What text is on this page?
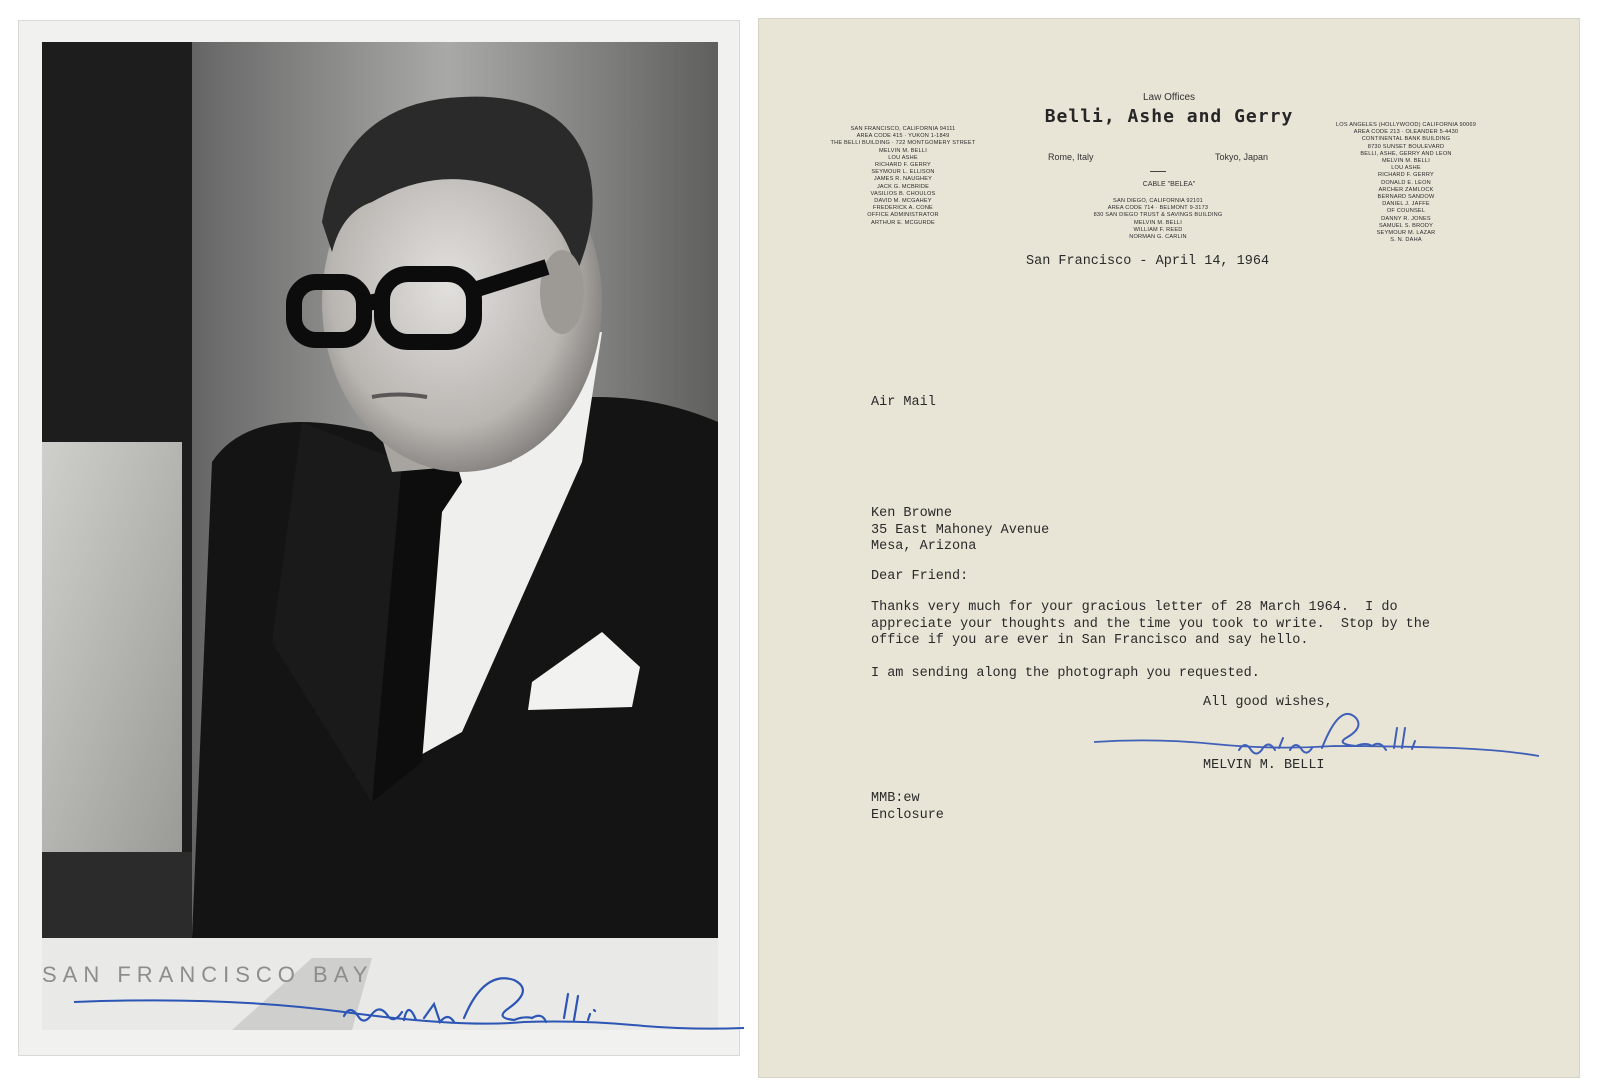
SAN FRANCISCO BAY
Law Offices
Belli, Ashe and Gerry
Rome, Italy	Tokyo, Japan
CABLE "BELEA"
SAN FRANCISCO, CALIFORNIA 94111
AREA CODE 415 · YUKON 1-1849
THE BELLI BUILDING · 722 MONTGOMERY STREET
MELVIN M. BELLI
LOU ASHE
RICHARD F. GERRY
SEYMOUR L. ELLISON
JAMES R. NAUGHEY
JACK G. MCBRIDE
VASILIOS B. CHOULOS
DAVID M. MCGAHEY
FREDERICK A. CONE
OFFICE ADMINISTRATOR
ARTHUR E. MCGURDE
SAN DIEGO, CALIFORNIA 92101
AREA CODE 714 · BELMONT 9-3173
830 SAN DIEGO TRUST & SAVINGS BUILDING
MELVIN M. BELLI
WILLIAM F. REED
NORMAN G. CARLIN
LOS ANGELES (HOLLYWOOD) CALIFORNIA 90069
AREA CODE 213 · OLEANDER 5-4430
CONTINENTAL BANK BUILDING
8730 SUNSET BOULEVARD
BELLI, ASHE, GERRY AND LEON
MELVIN M. BELLI
LOU ASHE
RICHARD F. GERRY
DONALD E. LEON
ARCHER ZAMLOCK
BERNARD SANDOW
DANIEL J. JAFFE
OF COUNSEL
DANNY R. JONES
SAMUEL S. BRODY
SEYMOUR M. LAZAR
S. N. DAHA
San Francisco - April 14, 1964
Air Mail
Ken Browne
35 East Mahoney Avenue
Mesa, Arizona
Dear Friend:
Thanks very much for your gracious letter of 28 March 1964.  I do
appreciate your thoughts and the time you took to write.  Stop by the
office if you are ever in San Francisco and say hello.
I am sending along the photograph you requested.
All good wishes,
MELVIN M. BELLI
MMB:ew
Enclosure
